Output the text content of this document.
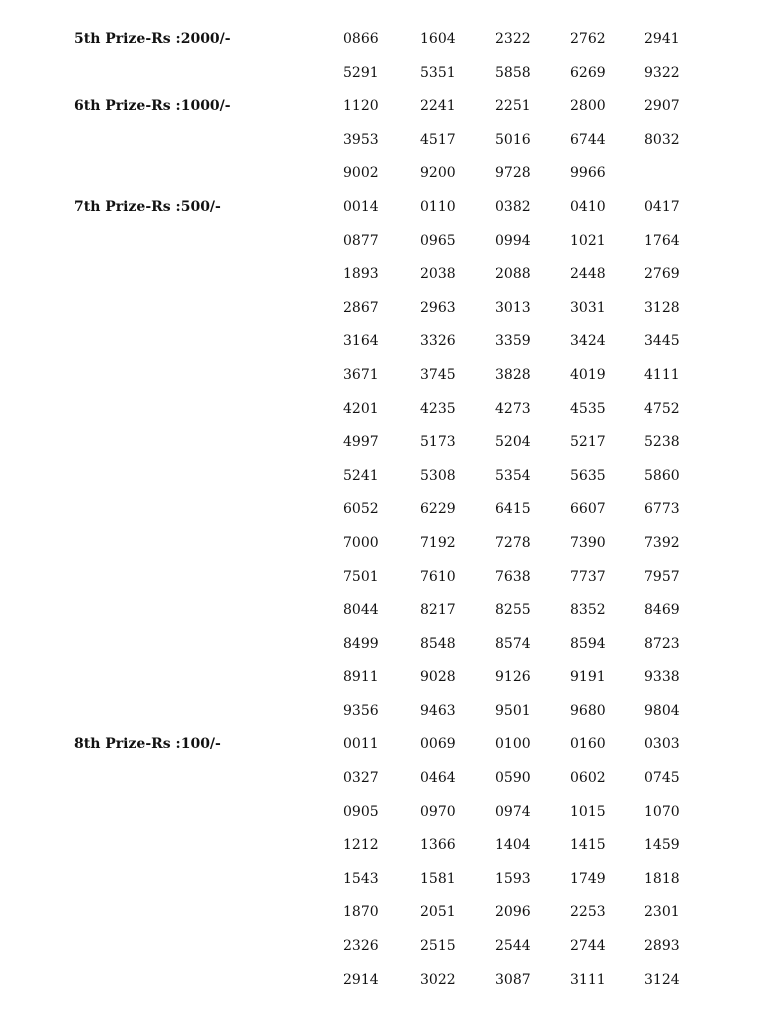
5th Prize-Rs :2000/-	0866	1604	2322	2762	2941
5291	5351	5858	6269	9322
6th Prize-Rs :1000/-	1120	2241	2251	2800	2907
3953	4517	5016	6744	8032
9002	9200	9728	9966
7th Prize-Rs :500/-	0014	0110	0382	0410	0417
0877	0965	0994	1021	1764
1893	2038	2088	2448	2769
2867	2963	3013	3031	3128
3164	3326	3359	3424	3445
3671	3745	3828	4019	4111
4201	4235	4273	4535	4752
4997	5173	5204	5217	5238
5241	5308	5354	5635	5860
6052	6229	6415	6607	6773
7000	7192	7278	7390	7392
7501	7610	7638	7737	7957
8044	8217	8255	8352	8469
8499	8548	8574	8594	8723
8911	9028	9126	9191	9338
9356	9463	9501	9680	9804
8th Prize-Rs :100/-	0011	0069	0100	0160	0303
0327	0464	0590	0602	0745
0905	0970	0974	1015	1070
1212	1366	1404	1415	1459
1543	1581	1593	1749	1818
1870	2051	2096	2253	2301
2326	2515	2544	2744	2893
2914	3022	3087	3111	3124
